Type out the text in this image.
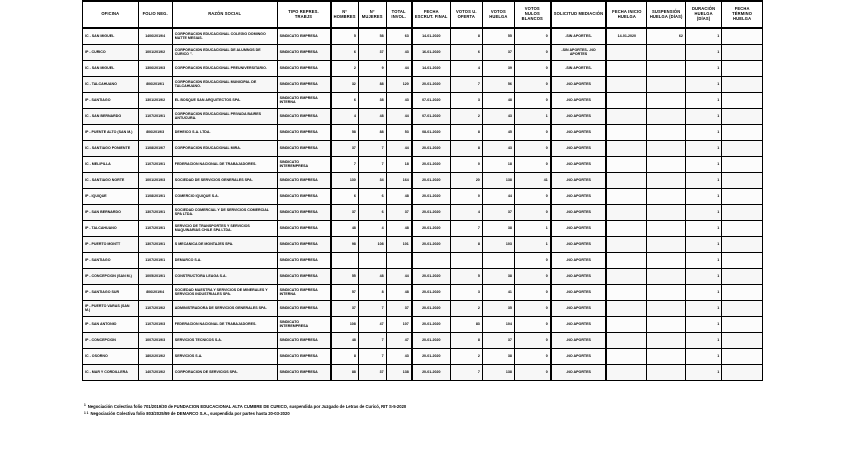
OFICINA	FOLIO NEG.	RAZÓN SOCIAL	TIPO REPRES. TRABJS	N° HOMBRES	N° MUJERES	TOTAL INVOL.	FECHA ESCRUT. FINAL	VOTOS U. OFERTA	VOTOS HUELGA	VOTOS NULOS BLANCOS	SOLICITUD MEDIACIÓN	FECHA INICIO HUELGA	SUSPENSIÓN HUELGA (DÍAS)	DURACIÓN HUELGA (DÍAS)	FECHA TÉRMINO HUELGA
IC - SAN MIGUEL	1406/2019/4	CORPORACION EDUCACIONAL COLEGIO DOMINGO MATTE MESIAS.	SINDICATO EMPRESA	5	58	63	14-01-2020	8	55	0	-SIN APORTES-	14-01-2020	62	1	
IP - CURICO	1001/2019/2	CORPORACION EDUCACIONAL DE ALUMNOS DE CURICO ".	SINDICATO EMPRESA	6	37	43	16-01-2020	6	37	0	-SIN APORTES- -NO APORTES			1	
IC - SAN MIGUEL	1306/2019/3	CORPORACION EDUCACIONAL PREUNIVERSITARIO.	SINDICATO EMPRESA	2	9	44	14-01-2020	4	39	0	-SIN APORTES-			1	
IC - TALCAHUANO	806/2019/1	CORPORACION EDUCACIONAL MUNICIPAL DE TALCAHUANO.	SINDICATO EMPRESA	32	88	120	20-01-2020	7	56	0	-NO APORTES			1	
IP - SANTIAGO	1301/2019/2	EL BOSQUE SAN ARQUITECTOS SPA.	SINDICATO EMPRESA INTERNA	6	38	43	07-01-2020	3	48	0	-NO APORTES			1	
IC - SAN BERNARDO	1107/2019/1	CORPORACION EDUCACIONAL PRIVADA BAIRES ANTUCURA.	SINDICATO EMPRESA	4	48	44	07-01-2020	2	43	1	-NO APORTES			1	
IP - PUENTE ALTO (SAN M.)	806/2019/3	DEHEICO S.A. LTDA.	SINDICATO EMPRESA	58	88	53	08-01-2020	8	45	0	-NO APORTES			1	
IC - SANTIAGO PONIENTE	1108/2019/7	CORPORACION EDUCACIONAL MIRA.	SINDICATO EMPRESA	37	7	44	20-01-2020	8	43	0	-NO APORTES			1	
IC - MELIPILLA	1107/2019/1	FEDERACION NACIONAL DE TRABAJADORES.	SINDICATO INTEREMPRESA	7	7	18	20-01-2020	0	18	0	-NO APORTES			1	
IC - SANTIAGO NORTE	1001/2019/3	SOCIEDAD DE SERVICIOS GENERALES SPA.	SINDICATO EMPRESA	130	34	164	20-01-2020	20	138	41	-NO APORTES			1	
IP - IQUIQUE	1108/2019/1	COMERCIO IQUIQUE S.A.	SINDICATO EMPRESA	6	6	48	20-01-2020	0	44	0	-NO APORTES			1	
IP - SAN BERNARDO	1307/2019/1	SOCIEDAD COMERCIAL Y DE SERVICIOS COMERCIAL SPA LTDA.	SINDICATO EMPRESA	37	6	37	20-01-2020	4	37	0	-NO APORTES			1	
IP - TALCAHUANO	1107/2019/1	SERVICIO DE TRANSPORTES Y SERVICIOS MAQUINARIAS CHILE SPA LTDA.	SINDICATO EMPRESA	48	4	48	20-01-2020	7	38	1	-NO APORTES			1	
IP - PUERTO MONTT	1307/2019/1	S MECANICA DE MONTAJES SPA.	SINDICATO EMPRESA	98	108	101	20-01-2020	8	103	1	-NO APORTES			1	
IP - SANTIAGO	1107/2019/1	DEMARCO S.A.	SINDICATO EMPRESA							0	-NO APORTES			1	
IP - CONCEPCION (SAN M.)	1005/2019/1	CONSTRUCTORA LEAGA S.A.	SINDICATO EMPRESA	55	48	44	20-01-2020	5	38	0	-NO APORTES			1	
IP - SANTIAGO SUR	806/2019/4	SOCIEDAD MAESTRA Y SERVICIOS DE MINERALES Y SERVICIOS INDUSTRIALES SPA.	SINDICATO EMPRESA INTERNA	57	8	48	20-01-2020	3	41	0	-NO APORTES			1	
IP - PUERTO VARAS (SAN M.)	1107/2019/2	ADMINISTRADORA DE SERVICIOS GENERALES SPA.	SINDICATO EMPRESA	37	7	37	20-01-2020	2	35	0	-NO APORTES			1	
IP - SAN ANTONIO	1107/2019/3	FEDERACION NACIONAL DE TRABAJADORES.	SINDICATO INTEREMPRESA	108	47	107	20-01-2020	83	104	0	-NO APORTES			1	
IP - CONCEPCION	1007/2019/3	SERVICIOS TECNICOS S.A.	SINDICATO EMPRESA	48	7	47	20-01-2020	8	37	0	-NO APORTES			1	
IC - OSORNO	1802/2019/2	SERVICIOS S.A.	SINDICATO EMPRESA	8	7	43	20-01-2020	2	38	0	-NO APORTES			1	
IC - MAR Y CORDILLERA	1407/2019/2	CORPORACION DE SERVICIOS SPA.	SINDICATO EMPRESA	88	37	138	20-01-2020	7	138	0	-NO APORTES			1	
1 Negociación Colectiva folio 701/2019/30 de FUNDACION EDUCACIONAL ALTA CUMBRE DE CURICO, suspendida por Juzgado de Letras de Curicó, RIT S-5-2020
1 1 Negociación Colectiva folio 803/2025/59 de DEMARCO S.A., suspendida por partes hasta 20-03-2020
